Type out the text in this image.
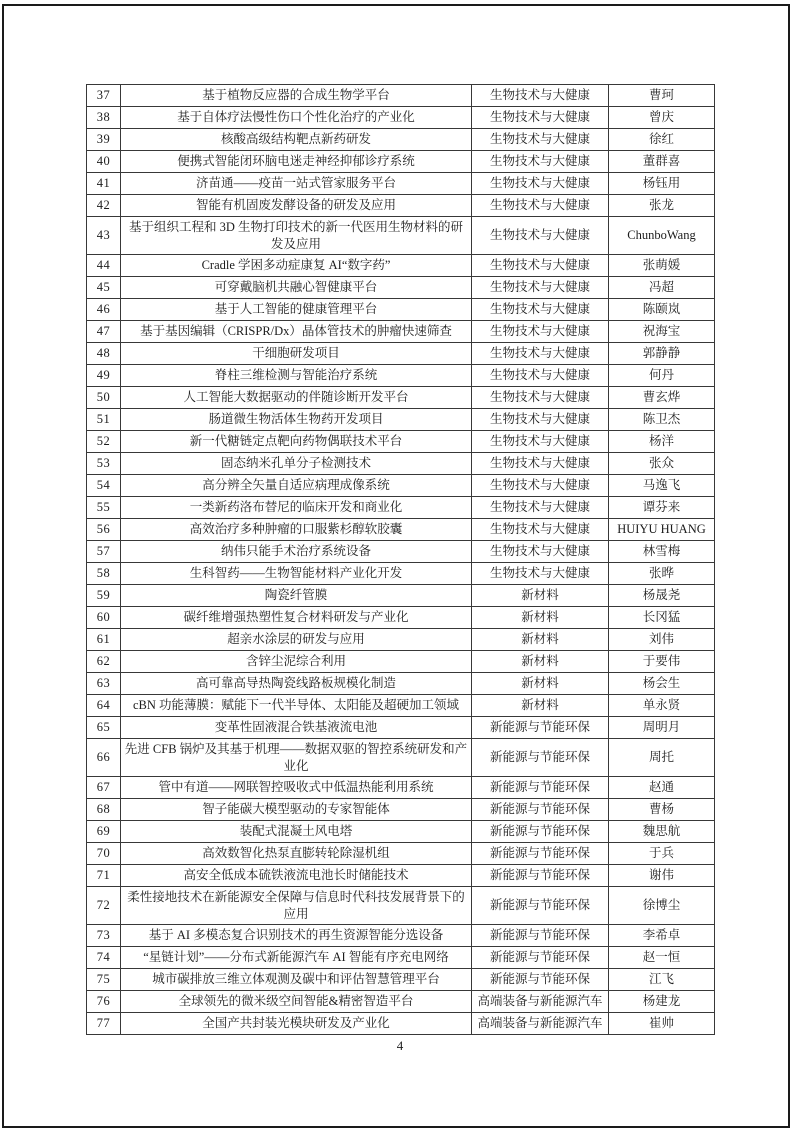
37	基于植物反应器的合成生物学平台	生物技术与大健康	曹珂
38	基于自体疗法慢性伤口个性化治疗的产业化	生物技术与大健康	曾庆
39	核酸高级结构靶点新药研发	生物技术与大健康	徐红
40	便携式智能闭环脑电迷走神经抑郁诊疗系统	生物技术与大健康	董群喜
41	济苗通——疫苗一站式管家服务平台	生物技术与大健康	杨钰用
42	智能有机固废发酵设备的研发及应用	生物技术与大健康	张龙
43	基于组织工程和 3D 生物打印技术的新一代医用生物材料的研发及应用	生物技术与大健康	ChunboWang
44	Cradle 学困多动症康复 AI“数字药”	生物技术与大健康	张萌媛
45	可穿戴脑机共融心智健康平台	生物技术与大健康	冯超
46	基于人工智能的健康管理平台	生物技术与大健康	陈颐岚
47	基于基因编辑（CRISPR/Dx）晶体管技术的肿瘤快速筛查	生物技术与大健康	祝海宝
48	干细胞研发项目	生物技术与大健康	郭静静
49	脊柱三维检测与智能治疗系统	生物技术与大健康	何丹
50	人工智能大数据驱动的伴随诊断开发平台	生物技术与大健康	曹玄烨
51	肠道微生物活体生物药开发项目	生物技术与大健康	陈卫杰
52	新一代糖链定点靶向药物偶联技术平台	生物技术与大健康	杨洋
53	固态纳米孔单分子检测技术	生物技术与大健康	张众
54	高分辨全矢量自适应病理成像系统	生物技术与大健康	马逸飞
55	一类新药洛布替尼的临床开发和商业化	生物技术与大健康	谭芬来
56	高效治疗多种肿瘤的口服紫杉醇软胶囊	生物技术与大健康	HUIYU HUANG
57	纳伟只能手术治疗系统设备	生物技术与大健康	林雪梅
58	生科智药——生物智能材料产业化开发	生物技术与大健康	张晔
59	陶瓷纤管膜	新材料	杨晟尧
60	碳纤维增强热塑性复合材料研发与产业化	新材料	长冈猛
61	超亲水涂层的研发与应用	新材料	刘伟
62	含锌尘泥综合利用	新材料	于要伟
63	高可靠高导热陶瓷线路板规模化制造	新材料	杨会生
64	cBN 功能薄膜：赋能下一代半导体、太阳能及超硬加工领域	新材料	单永贤
65	变革性固液混合铁基液流电池	新能源与节能环保	周明月
66	先进 CFB 锅炉及其基于机理——数据双驱的智控系统研发和产业化	新能源与节能环保	周托
67	管中有道——网联智控吸收式中低温热能利用系统	新能源与节能环保	赵通
68	智子能碳大模型驱动的专家智能体	新能源与节能环保	曹杨
69	装配式混凝土风电塔	新能源与节能环保	魏思航
70	高效数智化热泵直膨转轮除湿机组	新能源与节能环保	于兵
71	高安全低成本硫铁液流电池长时储能技术	新能源与节能环保	谢伟
72	柔性接地技术在新能源安全保障与信息时代科技发展背景下的应用	新能源与节能环保	徐博尘
73	基于 AI 多模态复合识别技术的再生资源智能分选设备	新能源与节能环保	李希卓
74	“星链计划”——分布式新能源汽车 AI 智能有序充电网络	新能源与节能环保	赵一恒
75	城市碳排放三维立体观测及碳中和评估智慧管理平台	新能源与节能环保	江飞
76	全球领先的微米级空间智能&精密智造平台	高端装备与新能源汽车	杨建龙
77	全国产共封装光模块研发及产业化	高端装备与新能源汽车	崔帅
4
